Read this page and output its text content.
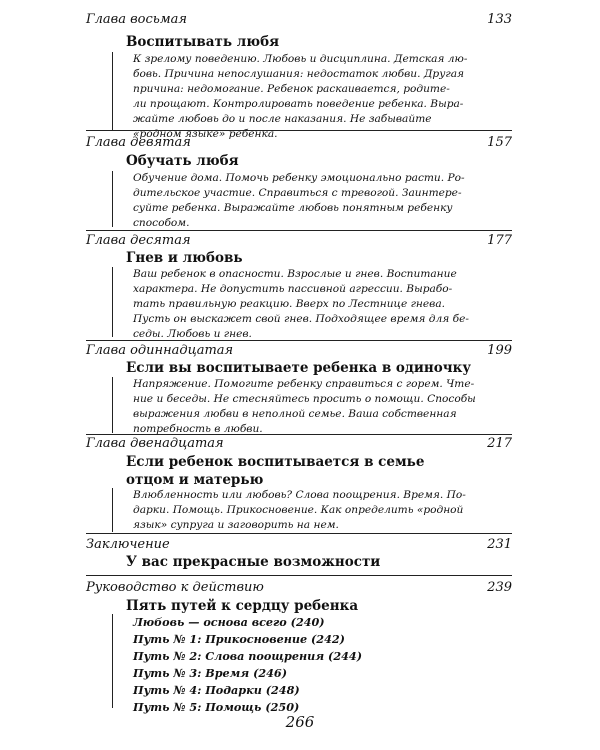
Глава восьмая	133
Воспитывать любя
К зрелому поведению. Любовь и дисциплина. Детская лю-
бовь. Причина непослушания: недостаток любви. Другая
причина: недомогание. Ребенок раскаивается, родите-
ли прощают. Контролировать поведение ребенка. Выра-
жайте любовь до и после наказания. Не забывайте
«родном языке» ребенка.
Глава девятая	157
Обучать любя
Обучение дома. Помочь ребенку эмоционально расти. Ро-
дительское участие. Справиться с тревогой. Заинтере-
суйте ребенка. Выражайте любовь понятным ребенку
способом.
Глава десятая	177
Гнев и любовь
Ваш ребенок в опасности. Взрослые и гнев. Воспитание
характера. Не допустить пассивной агрессии. Вырабо-
тать правильную реакцию. Вверх по Лестнице гнева.
Пусть он выскажет свой гнев. Подходящее время для бе-
седы. Любовь и гнев.
Глава одиннадцатая	199
Если вы воспитываете ребенка в одиночку
Напряжение. Помогите ребенку справиться с горем. Чте-
ние и беседы. Не стесняйтесь просить о помощи. Способы
выражения любви в неполной семье. Ваша собственная
потребность в любви.
Глава двенадцатая	217
Если ребенок воспитывается в семье
отцом и матерью
Влюбленность или любовь? Слова поощрения. Время. По-
дарки. Помощь. Прикосновение. Как определить «родной
язык» супруга и заговорить на нем.
Заключение	231
У вас прекрасные возможности
Руководство к действию	239
Пять путей к сердцу ребенка
Любовь — основа всего (240)
Путь № 1: Прикосновение (242)
Путь № 2: Слова поощрения (244)
Путь № 3: Время (246)
Путь № 4: Подарки (248)
Путь № 5: Помощь (250)
266
